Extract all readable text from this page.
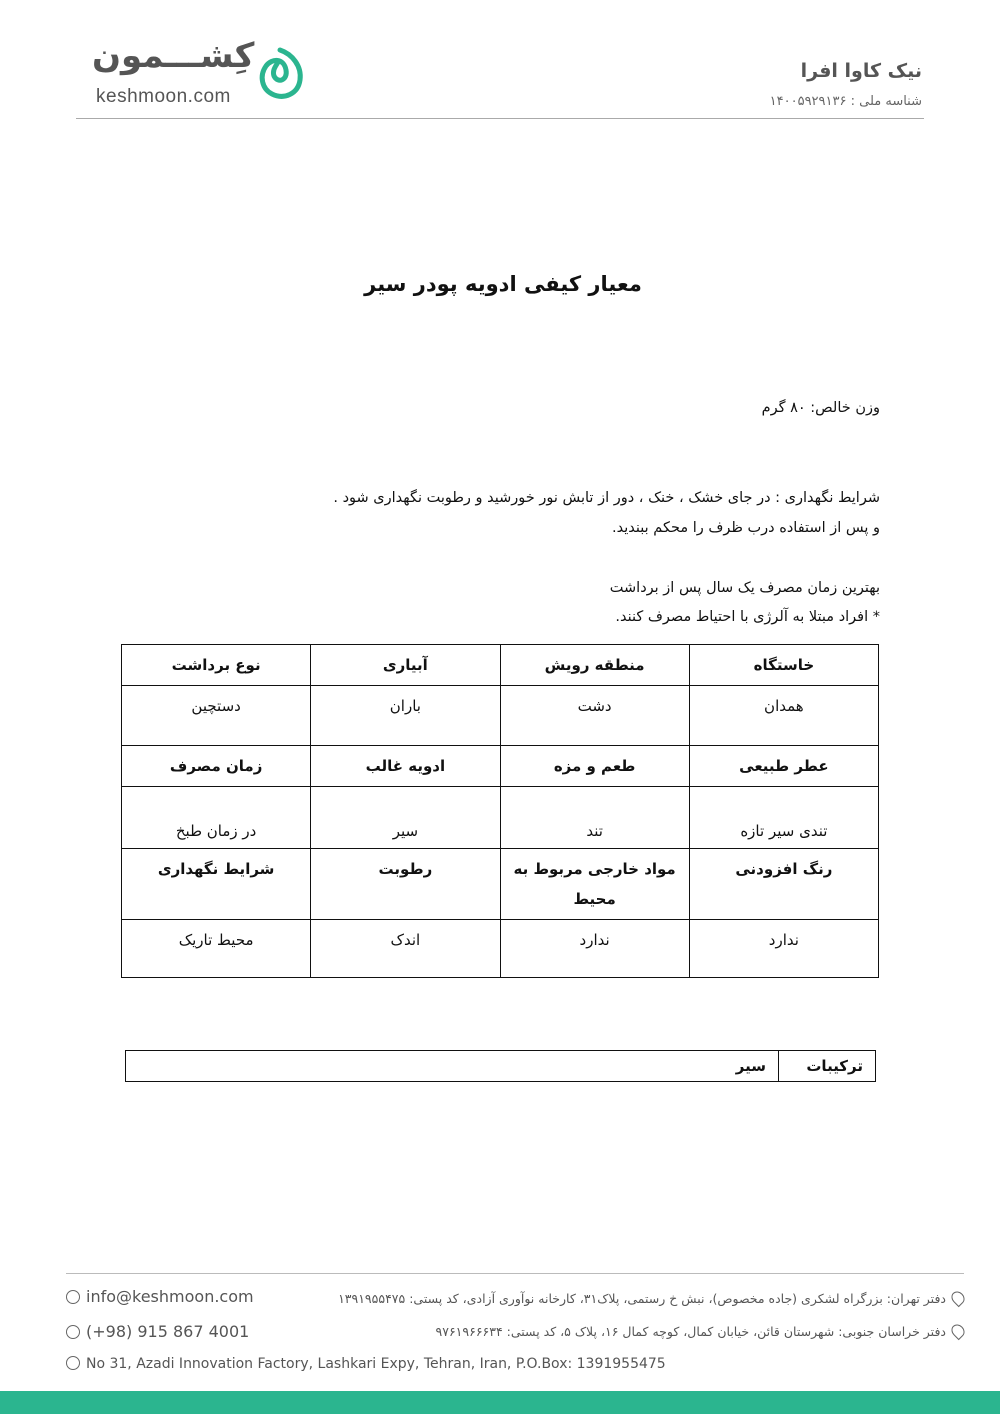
کِشـــمون
keshmoon.com
نیک کاوا افرا
شناسه ملی : ۱۴۰۰۵۹۲۹۱۳۶
معیار کیفی ادویه پودر سیر
وزن خالص: ۸۰ گرم
شرایط نگهداری : در جای خشک ، خنک ، دور از تابش نور خورشید و رطوبت نگهداری شود .
و پس از استفاده درب ظرف را محکم ببندید.
بهترین زمان مصرف یک سال پس از برداشت
* افراد مبتلا به آلرژی با احتیاط مصرف کنند.
خاستگاه	منطقه رویش	آبیاری	نوع برداشت
همدان	دشت	باران	دستچین
عطر طبیعی	طعم و مزه	ادویه غالب	زمان مصرف
تندی سیر تازه	تند	سیر	در زمان طبخ
رنگ افزودنی	مواد خارجی مربوط به محیط	رطوبت	شرایط نگهداری
ندارد	ندارد	اندک	محیط تاریک
ترکیبات	سیر
info@keshmoon.com
(+98) 915 867 4001
No 31, Azadi Innovation Factory, Lashkari Expy, Tehran, Iran, P.O.Box: 1391955475
دفتر تهران: بزرگراه لشکری (جاده مخصوص)، نبش خ رستمی، پلاک۳۱، کارخانه نوآوری آزادی، کد پستی: ۱۳۹۱۹۵۵۴۷۵
دفتر خراسان جنوبی: شهرستان قائن، خیابان کمال، کوچه کمال ۱۶، پلاک ۵، کد پستی: ۹۷۶۱۹۶۶۶۳۴
